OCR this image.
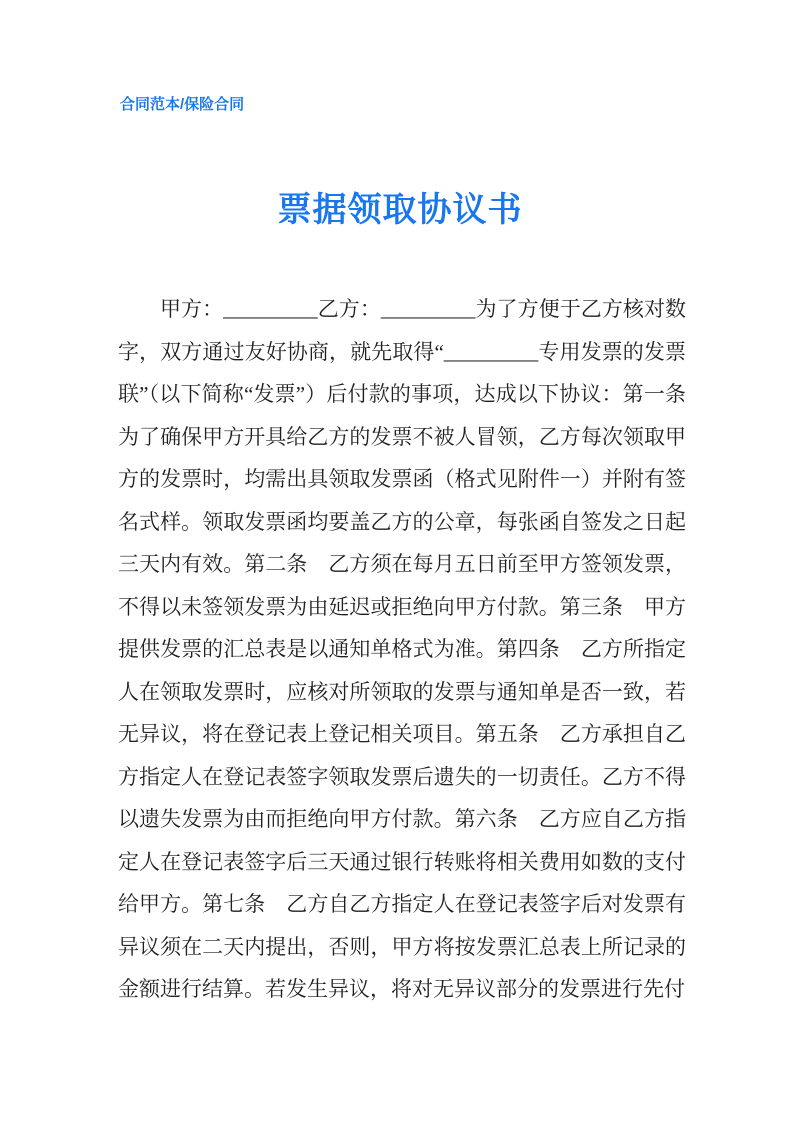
合同范本/保险合同
票据领取协议书

甲方：_________乙方：_________为了方便于乙方核对数字，双方通过友好协商，就先取得“_________专用发票的发票联”（以下简称“发票”）后付款的事项，达成以下协议：第一条　为了确保甲方开具给乙方的发票不被人冒领，乙方每次领取甲方的发票时，均需出具领取发票函（格式见附件一）并附有签名式样。领取发票函均要盖乙方的公章，每张函自签发之日起三天内有效。第二条　乙方须在每月五日前至甲方签领发票，不得以未签领发票为由延迟或拒绝向甲方付款。第三条　甲方提供发票的汇总表是以通知单格式为准。第四条　乙方所指定人在领取发票时，应核对所领取的发票与通知单是否一致，若无异议，将在登记表上登记相关项目。第五条　乙方承担自乙方指定人在登记表签字领取发票后遗失的一切责任。乙方不得以遗失发票为由而拒绝向甲方付款。第六条　乙方应自乙方指定人在登记表签字后三天通过银行转账将相关费用如数的支付给甲方。第七条　乙方自乙方指定人在登记表签字后对发票有异议须在二天内提出，否则，甲方将按发票汇总表上所记录的金额进行结算。若发生异议，将对无异议部分的发票进行先付
